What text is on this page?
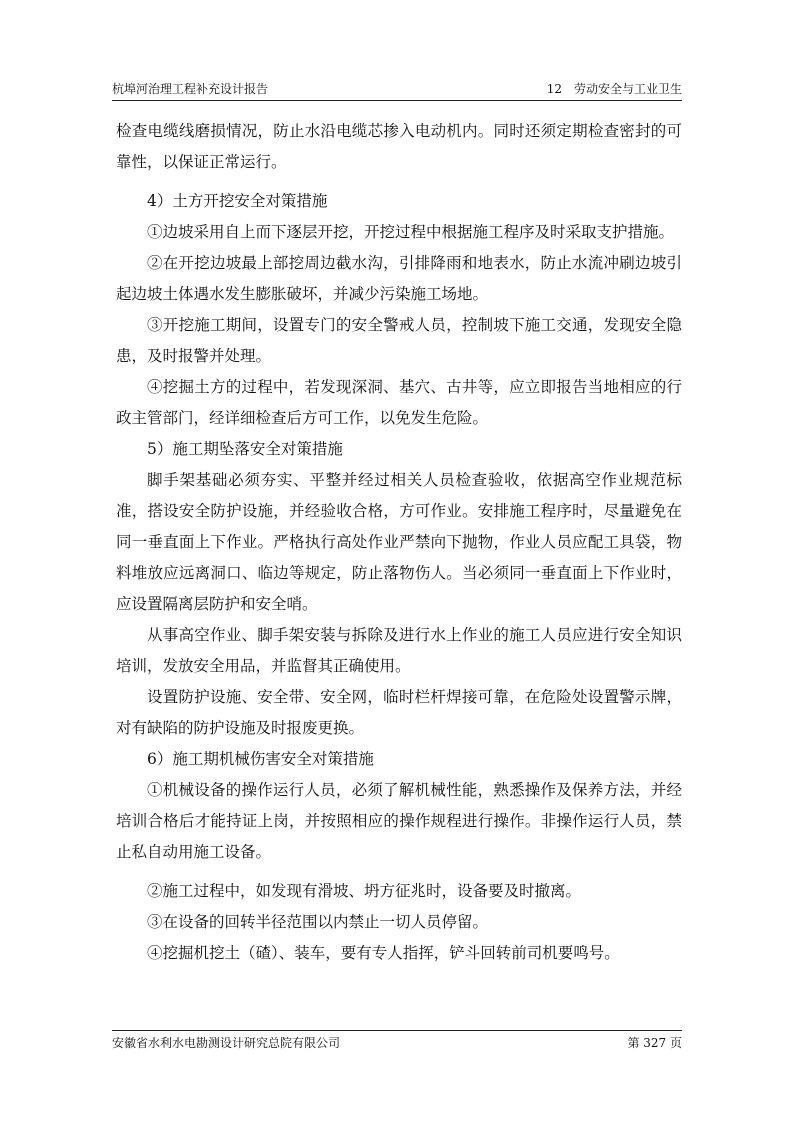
杭埠河治理工程补充设计报告	12　劳动安全与工业卫生

检查电缆线磨损情况，防止水沿电缆芯掺入电动机内。同时还须定期检查密封的可靠性，以保证正常运行。

4）土方开挖安全对策措施

①边坡采用自上而下逐层开挖，开挖过程中根据施工程序及时采取支护措施。

②在开挖边坡最上部挖周边截水沟，引排降雨和地表水，防止水流冲刷边坡引起边坡土体遇水发生膨胀破坏，并减少污染施工场地。

③开挖施工期间，设置专门的安全警戒人员，控制坡下施工交通，发现安全隐患，及时报警并处理。

④挖掘土方的过程中，若发现深洞、基穴、古井等，应立即报告当地相应的行政主管部门，经详细检查后方可工作，以免发生危险。

5）施工期坠落安全对策措施

脚手架基础必须夯实、平整并经过相关人员检查验收，依据高空作业规范标准，搭设安全防护设施，并经验收合格，方可作业。安排施工程序时，尽量避免在同一垂直面上下作业。严格执行高处作业严禁向下抛物，作业人员应配工具袋，物料堆放应远离洞口、临边等规定，防止落物伤人。当必须同一垂直面上下作业时，应设置隔离层防护和安全哨。

从事高空作业、脚手架安装与拆除及进行水上作业的施工人员应进行安全知识培训，发放安全用品，并监督其正确使用。

设置防护设施、安全带、安全网，临时栏杆焊接可靠，在危险处设置警示牌，对有缺陷的防护设施及时报废更换。

6）施工期机械伤害安全对策措施

①机械设备的操作运行人员，必须了解机械性能，熟悉操作及保养方法，并经培训合格后才能持证上岗，并按照相应的操作规程进行操作。非操作运行人员，禁止私自动用施工设备。

②施工过程中，如发现有滑坡、坍方征兆时，设备要及时撤离。

③在设备的回转半径范围以内禁止一切人员停留。

④挖掘机挖土（碴）、装车，要有专人指挥，铲斗回转前司机要鸣号。

安徽省水利水电勘测设计研究总院有限公司	第 327 页
